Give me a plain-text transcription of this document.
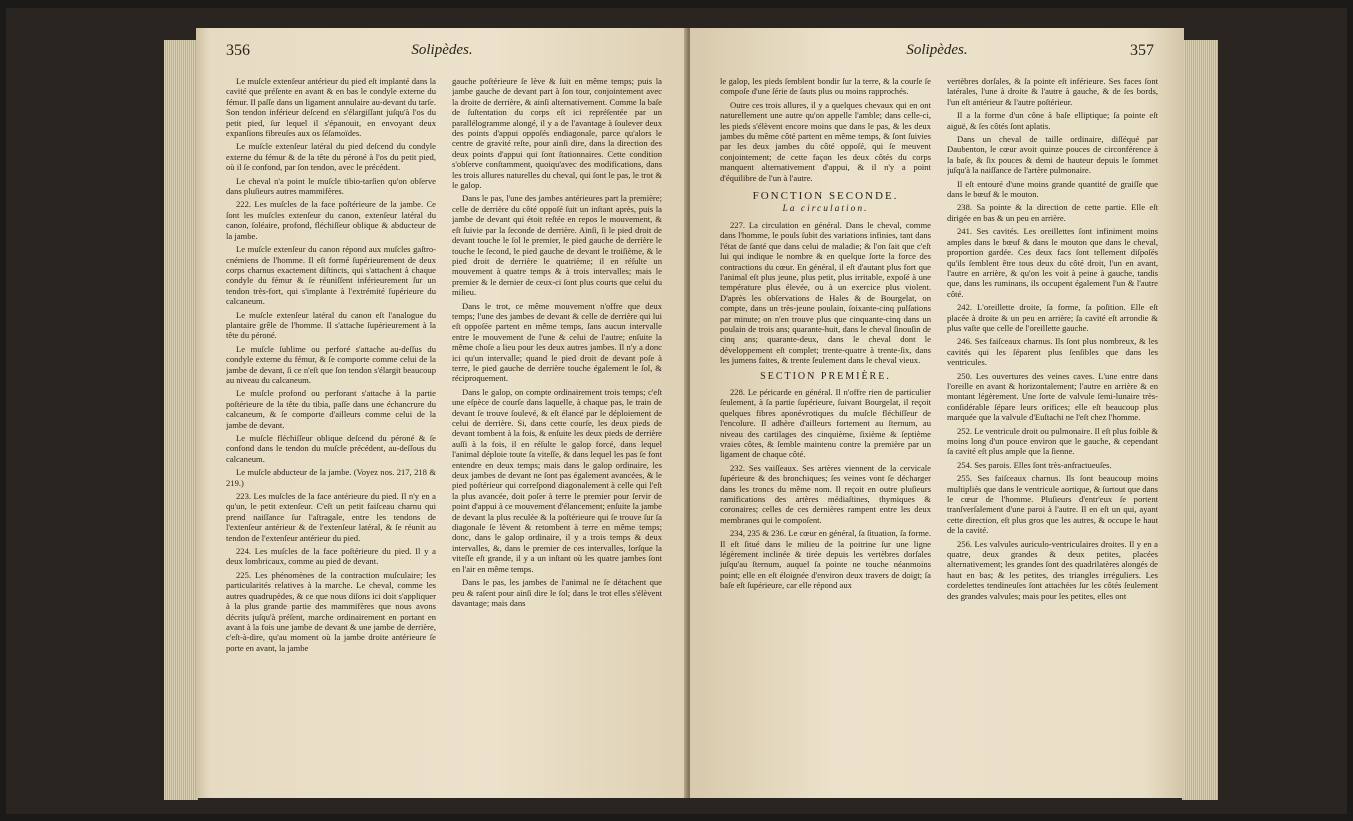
356	Solipèdes.

Le muſcle extenſeur antérieur du pied eſt implanté dans la cavité que préſente en avant & en bas le condyle externe du fémur. Il paſſe dans un ligament annulaire au-devant du tarſe. Son tendon inférieur deſcend en s'élargiſſant juſqu'à l'os du petit pied, ſur lequel il s'épanouit, en envoyant deux expanſions fibreuſes aux os ſéſamoïdes.

Le muſcle extenſeur latéral du pied deſcend du condyle externe du fémur & de la tête du péroné à l'os du petit pied, où il ſe confond, par ſon tendon, avec le précédent.

Le cheval n'a point le muſcle tibio-tarſien qu'on obſerve dans pluſieurs autres mammifères.

222. Les muſcles de la face poſtérieure de la jambe. Ce ſont les muſcles extenſeur du canon, extenſeur latéral du canon, ſoléaire, profond, fléchiſſeur oblique & abducteur de la jambe.

Le muſcle extenſeur du canon répond aux muſcles gaſtro-cnémiens de l'homme. Il eſt formé ſupérieurement de deux corps charnus exactement diſtincts, qui s'attachent à chaque condyle du fémur & ſe réuniſſent inférieurement ſur un tendon très-fort, qui s'implante à l'extrémité ſupérieure du calcaneum.

Le muſcle extenſeur latéral du canon eſt l'analogue du plantaire grêle de l'homme. Il s'attache ſupérieurement à la tête du péroné.

Le muſcle ſublime ou perforé s'attache au-deſſus du condyle externe du fémur, & ſe comporte comme celui de la jambe de devant, ſi ce n'eſt que ſon tendon s'élargit beaucoup au niveau du calcaneum.

Le muſcle profond ou perforant s'attache à la partie poſtérieure de la tête du tibia, paſſe dans une échancrure du calcaneum, & ſe comporte d'ailleurs comme celui de la jambe de devant.

Le muſcle fléchiſſeur oblique deſcend du péroné & ſe confond dans le tendon du muſcle précédent, au-deſſous du calcaneum.

Le muſcle abducteur de la jambe. (Voyez nos. 217, 218 & 219.)

223. Les muſcles de la face antérieure du pied. Il n'y en a qu'un, le petit extenſeur. C'eſt un petit faiſceau charnu qui prend naiſſance ſur l'aſtragale, entre les tendons de l'extenſeur antérieur & de l'extenſeur latéral, & ſe réunit au tendon de l'extenſeur antérieur du pied.

224. Les muſcles de la face poſtérieure du pied. Il y a deux lombricaux, comme au pied de devant.

225. Les phénomènes de la contraction muſculaire; les particularités relatives à la marche. Le cheval, comme les autres quadrupèdes, & ce que nous diſons ici doit s'appliquer à la plus grande partie des mammifères que nous avons décrits juſqu'à préſent, marche ordinairement en portant en avant à la fois une jambe de devant & une jambe de derrière, c'eſt-à-dire, qu'au moment où la jambe droite antérieure ſe porte en avant, la jambe

gauche poſtérieure ſe lève & ſuit en même temps; puis la jambe gauche de devant part à ſon tour, conjointement avec la droite de derrière, & ainſi alternativement. Comme la baſe de ſuſtentation du corps eſt ici repréſentée par un parallélogramme alongé, il y a de l'avantage à ſoulever deux des points d'appui oppoſés endiagonale, parce qu'alors le centre de gravité reſte, pour ainſi dire, dans la direction des deux points d'appui qui ſont ſtationnaires. Cette condition s'obſerve conſtamment, quoiqu'avec des modifications, dans les trois allures naturelles du cheval, qui ſont le pas, le trot & le galop.

Dans le pas, l'une des jambes antérieures part la première; celle de derrière du côté oppoſé ſuit un inſtant après, puis la jambe de devant qui étoit reſtée en repos le mouvement, & eſt ſuivie par la ſeconde de derrière. Ainſi, ſi le pied droit de devant touche le ſol le premier, le pied gauche de derrière le touche le ſecond, le pied gauche de devant le troiſième, & le pied droit de derrière le quatrième; il en réſulte un mouvement à quatre temps & à trois intervalles; mais le premier & le dernier de ceux-ci ſont plus courts que celui du milieu.

Dans le trot, ce même mouvement n'offre que deux temps; l'une des jambes de devant & celle de derrière qui lui eſt oppoſée partent en même temps, ſans aucun intervalle entre le mouvement de l'une & celui de l'autre; enſuite la même choſe a lieu pour les deux autres jambes. Il n'y a donc ici qu'un intervalle; quand le pied droit de devant poſe à terre, le pied gauche de derrière touche également le ſol, & réciproquement.

Dans le galop, on compte ordinairement trois temps; c'eſt une eſpèce de courſe dans laquelle, à chaque pas, le train de devant ſe trouve ſoulevé, & eſt élancé par le déploiement de celui de derrière. Si, dans cette courſe, les deux pieds de devant tombent à la fois, & enſuite les deux pieds de derrière auſſi à la fois, il en réſulte le galop forcé, dans lequel l'animal déploie toute ſa viteſſe, & dans lequel les pas ſe font entendre en deux temps; mais dans le galop ordinaire, les deux jambes de devant ne ſont pas également avancées, & le pied poſtérieur qui correſpond diagonalement à celle qui l'eſt la plus avancée, doit poſer à terre le premier pour ſervir de point d'appui à ce mouvement d'élancement; enſuite la jambe de devant la plus reculée & la poſtérieure qui ſe trouve ſur ſa diagonale ſe lèvent & retombent à terre en même temps; donc, dans le galop ordinaire, il y a trois temps & deux intervalles, &, dans le premier de ces intervalles, lorſque la viteſſe eſt grande, il y a un inſtant où les quatre jambes ſont en l'air en même temps.

Dans le pas, les jambes de l'animal ne ſe détachent que peu & raſent pour ainſi dire le ſol; dans le trot elles s'élèvent davantage; mais dans

Solipèdes.	357

le galop, les pieds ſemblent bondir ſur la terre, & la courſe ſe compoſe d'une ſérie de ſauts plus ou moins rapprochés.

Outre ces trois allures, il y a quelques chevaux qui en ont naturellement une autre qu'on appelle l'amble; dans celle-ci, les pieds s'élèvent encore moins que dans le pas, & les deux jambes du même côté partent en même temps, & ſont ſuivies par les deux jambes du côté oppoſé, qui ſe meuvent conjointement; de cette façon les deux côtés du corps manquent alternativement d'appui, & il n'y a point d'équilibre de l'un à l'autre.

FONCTION SECONDE.

La circulation.

227. La circulation en général. Dans le cheval, comme dans l'homme, le pouls ſubit des variations infinies, tant dans l'état de ſanté que dans celui de maladie; & l'on ſait que c'eſt lui qui indique le nombre & en quelque ſorte la force des contractions du cœur. En général, il eſt d'autant plus fort que l'animal eſt plus jeune, plus petit, plus irritable, expoſé à une température plus élevée, ou à un exercice plus violent. D'après les obſervations de Hales & de Bourgelat, on compte, dans un très-jeune poulain, ſoixante-cinq pulſations par minute; on n'en trouve plus que cinquante-cinq dans un poulain de trois ans; quarante-huit, dans le cheval ſinouſin de cinq ans; quarante-deux, dans le cheval dont le développement eſt complet; trente-quatre à trente-ſix, dans les jumens faites, & trente ſeulement dans le cheval vieux.

SECTION PREMIÈRE.

228. Le péricarde en général. Il n'offre rien de particulier ſeulement, à ſa partie ſupérieure, ſuivant Bourgelat, il reçoit quelques fibres aponévrotiques du muſcle fléchiſſeur de l'encolure. Il adhère d'ailleurs fortement au ſternum, au niveau des cartilages des cinquième, ſixième & ſeptième vraies côtes, & ſemble maintenu contre la première par un ligament de chaque côté.

232. Ses vaiſſeaux. Ses artères viennent de la cervicale ſupérieure & des bronchiques; ſes veines vont ſe décharger dans les troncs du même nom. Il reçoit en outre pluſieurs ramifications des artères médiaſtines, thymiques & coronaires; celles de ces dernières rampent entre les deux membranes qui le compoſent.

234, 235 & 236. Le cœur en général, ſa ſituation, ſa forme. Il eſt ſitué dans le milieu de la poitrine ſur une ligne légèrement inclinée & tirée depuis les vertèbres dorſales juſqu'au ſternum, auquel ſa pointe ne touche néanmoins point; elle en eſt éloignée d'environ deux travers de doigt; ſa baſe eſt ſupérieure, car elle répond aux

vertèbres dorſales, & ſa pointe eſt inférieure. Ses faces ſont latérales, l'une à droite & l'autre à gauche, & de ſes bords, l'un eſt antérieur & l'autre poſtérieur.

Il a la forme d'un cône à baſe elliptique; ſa pointe eſt aiguë, & ſes côtés ſont aplatis.

Dans un cheval de taille ordinaire, diſſéqué par Daubenton, le cœur avoit quinze pouces de circonférence à la baſe, & ſix pouces & demi de hauteur depuis le ſommet juſqu'à la naiſſance de l'artère pulmonaire.

Il eſt entouré d'une moins grande quantité de graiſſe que dans le bœuf & le mouton.

238. Sa pointe & la direction de cette partie. Elle eſt dirigée en bas & un peu en arrière.

241. Ses cavités. Les oreillettes ſont infiniment moins amples dans le bœuf & dans le mouton que dans le cheval, proportion gardée. Ces deux facs ſont tellement diſpoſés qu'ils ſemblent être tous deux du côté droit, l'un en avant, l'autre en arrière, & qu'on les voit à peine à gauche, tandis que, dans les ruminans, ils occupent également l'un & l'autre côté.

242. L'oreillette droite, ſa forme, ſa poſition. Elle eſt placée à droite & un peu en arrière; ſa cavité eſt arrondie & plus vaſte que celle de l'oreillette gauche.

246. Ses faiſceaux charnus. Ils ſont plus nombreux, & les cavités qui les ſéparent plus ſenſibles que dans les ventricules.

250. Les ouvertures des veines caves. L'une entre dans l'oreille en avant & horizontalement; l'autre en arrière & en montant légèrement. Une ſorte de valvule ſemi-lunaire très-conſidérable ſépare leurs orifices; elle eſt beaucoup plus marquée que la valvule d'Euſtachi ne l'eſt chez l'homme.

252. Le ventricule droit ou pulmonaire. Il eſt plus foible & moins long d'un pouce environ que le gauche, & cependant ſa cavité eſt plus ample que la ſienne.

254. Ses parois. Elles ſont très-anfractueuſes.

255. Ses faiſceaux charnus. Ils ſont beaucoup moins multipliés que dans le ventricule aortique, & ſurtout que dans le cœur de l'homme. Pluſieurs d'entr'eux ſe portent tranſverſalement d'une paroi à l'autre. Il en eſt un qui, ayant cette direction, eſt plus gros que les autres, & occupe le haut de la cavité.

256. Les valvules auriculo-ventriculaires droites. Il y en a quatre, deux grandes & deux petites, placées alternativement; les grandes ſont des quadrilatères alongés de haut en bas; & les petites, des triangles irréguliers. Les cordelettes tendineuſes ſont attachées ſur les côtés ſeulement des grandes valvules; mais pour les petites, elles ont
